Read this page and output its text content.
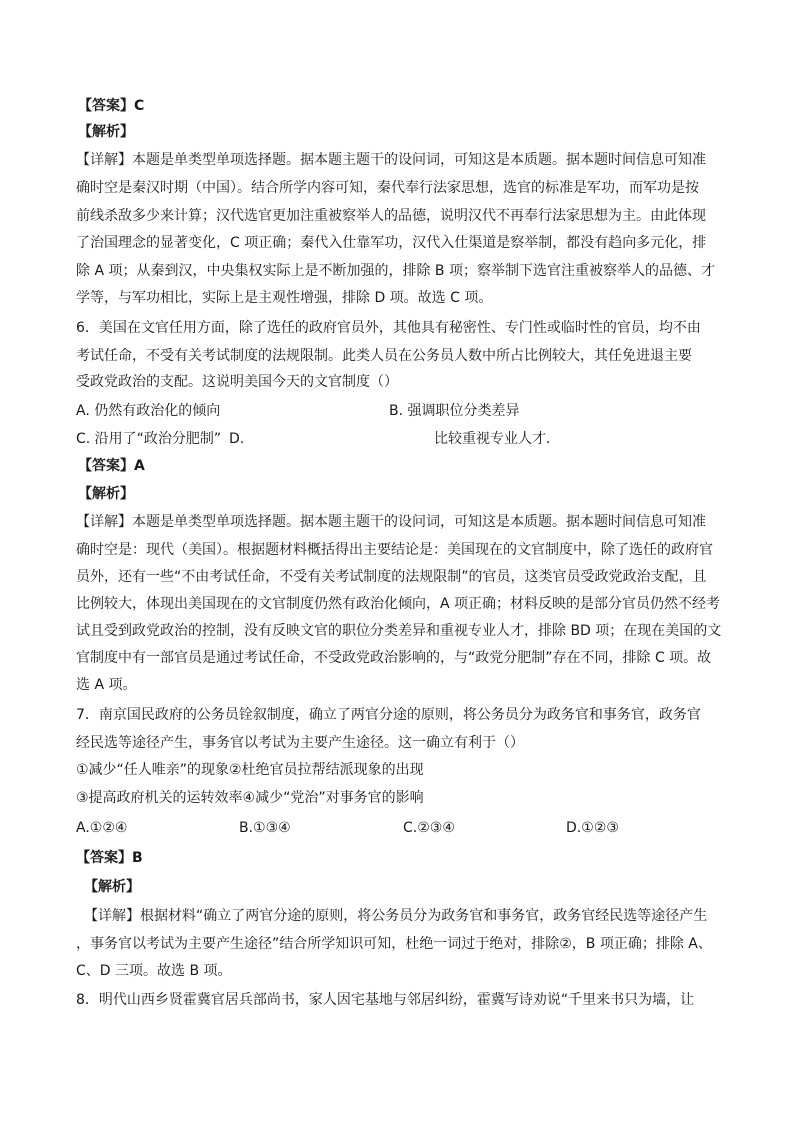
【答案】C
【解析】
【详解】本题是单类型单项选择题。据本题主题干的设问词，可知这是本质题。据本题时间信息可知准
确时空是秦汉时期（中国）。结合所学内容可知，秦代奉行法家思想，选官的标准是军功，而军功是按
前线杀敌多少来计算；汉代选官更加注重被察举人的品德，说明汉代不再奉行法家思想为主。由此体现
了治国理念的显著变化，C 项正确；秦代入仕靠军功，汉代入仕渠道是察举制，都没有趋向多元化，排
除 A 项；从秦到汉，中央集权实际上是不断加强的，排除 B 项；察举制下选官注重被察举人的品德、才
学等，与军功相比，实际上是主观性增强，排除 D 项。故选 C 项。
6．美国在文官任用方面，除了选任的政府官员外，其他具有秘密性、专门性或临时性的官员，均不由
考试任命，不受有关考试制度的法规限制。此类人员在公务员人数中所占比例较大，其任免进退主要
受政党政治的支配。这说明美国今天的文官制度（）
A. 仍然有政治化的倾向	B. 强调职位分类差异
C. 沿用了“政治分肥制” D.	比较重视专业人才．
【答案】A
【解析】
【详解】本题是单类型单项选择题。据本题主题干的设问词，可知这是本质题。据本题时间信息可知准
确时空是：现代（美国）。根据题材料概括得出主要结论是：美国现在的文官制度中，除了选任的政府官
员外，还有一些“不由考试任命，不受有关考试制度的法规限制”的官员，这类官员受政党政治支配，且
比例较大，体现出美国现在的文官制度仍然有政治化倾向，A 项正确；材料反映的是部分官员仍然不经考
试且受到政党政治的控制，没有反映文官的职位分类差异和重视专业人才，排除 BD 项；在现在美国的文
官制度中有一部官员是通过考试任命，不受政党政治影响的，与“政党分肥制”存在不同，排除 C 项。故
选 A 项。
7．南京国民政府的公务员铨叙制度，确立了两官分途的原则，将公务员分为政务官和事务官，政务官
经民选等途径产生，事务官以考试为主要产生途径。这一确立有利于（）
①减少“任人唯亲”的现象②杜绝官员拉帮结派现象的出现
③提高政府机关的运转效率④减少“党治”对事务官的影响
A.①②④	B.①③④	C.②③④	D.①②③
【答案】B
【解析】
【详解】根据材料“确立了两官分途的原则，将公务员分为政务官和事务官，政务官经民选等途径产生
，事务官以考试为主要产生途径”结合所学知识可知，杜绝一词过于绝对，排除②，B 项正确；排除 A、
C、D 三项。故选 B 项。
8．明代山西乡贤霍冀官居兵部尚书，家人因宅基地与邻居纠纷，霍冀写诗劝说“千里来书只为墙，让
